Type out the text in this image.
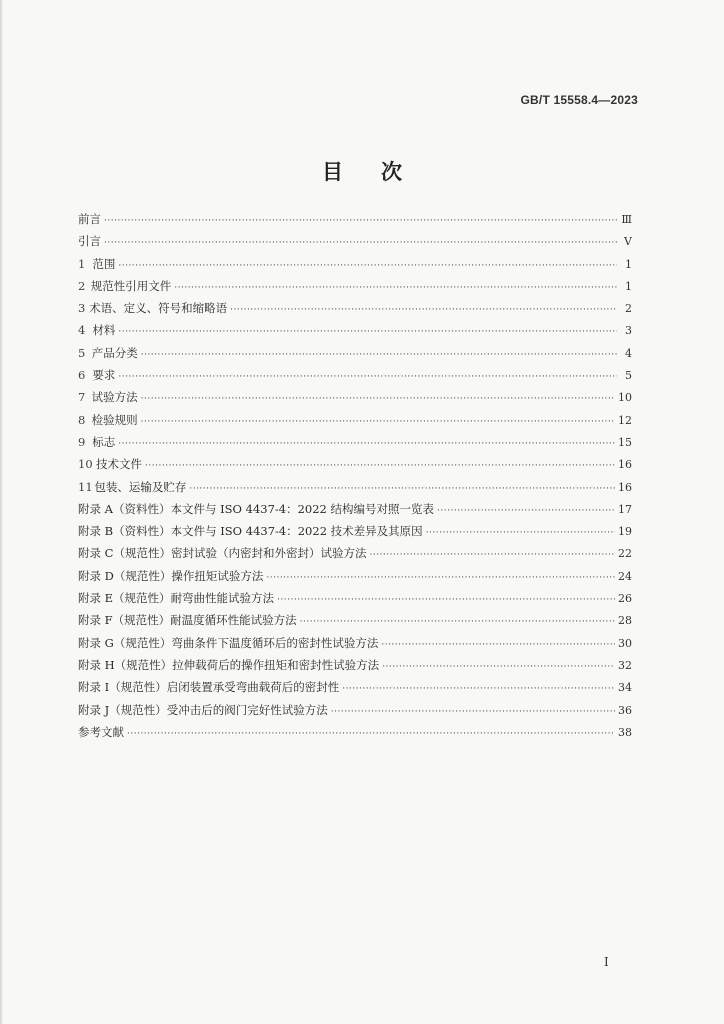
GB/T 15558.4—2023
目 次
前言 ·····	Ⅲ
引言 ·····	Ⅴ
1 范围 ·····	1
2 规范性引用文件 ·····	1
3 术语、定义、符号和缩略语 ·····	2
4 材料 ·····	3
5 产品分类 ·····	4
6 要求 ·····	5
7 试验方法 ·····	10
8 检验规则 ·····	12
9 标志 ·····	15
10 技术文件 ·····	16
11 包装、运输及贮存 ·····	16
附录 A（资料性） 本文件与 ISO 4437-4：2022 结构编号对照一览表 ·····	17
附录 B（资料性） 本文件与 ISO 4437-4：2022 技术差异及其原因 ·····	19
附录 C（规范性） 密封试验（内密封和外密封）试验方法 ·····	22
附录 D（规范性） 操作扭矩试验方法 ·····	24
附录 E（规范性） 耐弯曲性能试验方法 ·····	26
附录 F（规范性） 耐温度循环性能试验方法 ·····	28
附录 G（规范性） 弯曲条件下温度循环后的密封性试验方法 ·····	30
附录 H（规范性） 拉伸载荷后的操作扭矩和密封性试验方法 ·····	32
附录 I（规范性） 启闭装置承受弯曲载荷后的密封性 ·····	34
附录 J（规范性） 受冲击后的阀门完好性试验方法 ·····	36
参考文献 ·····	38
Ⅰ
